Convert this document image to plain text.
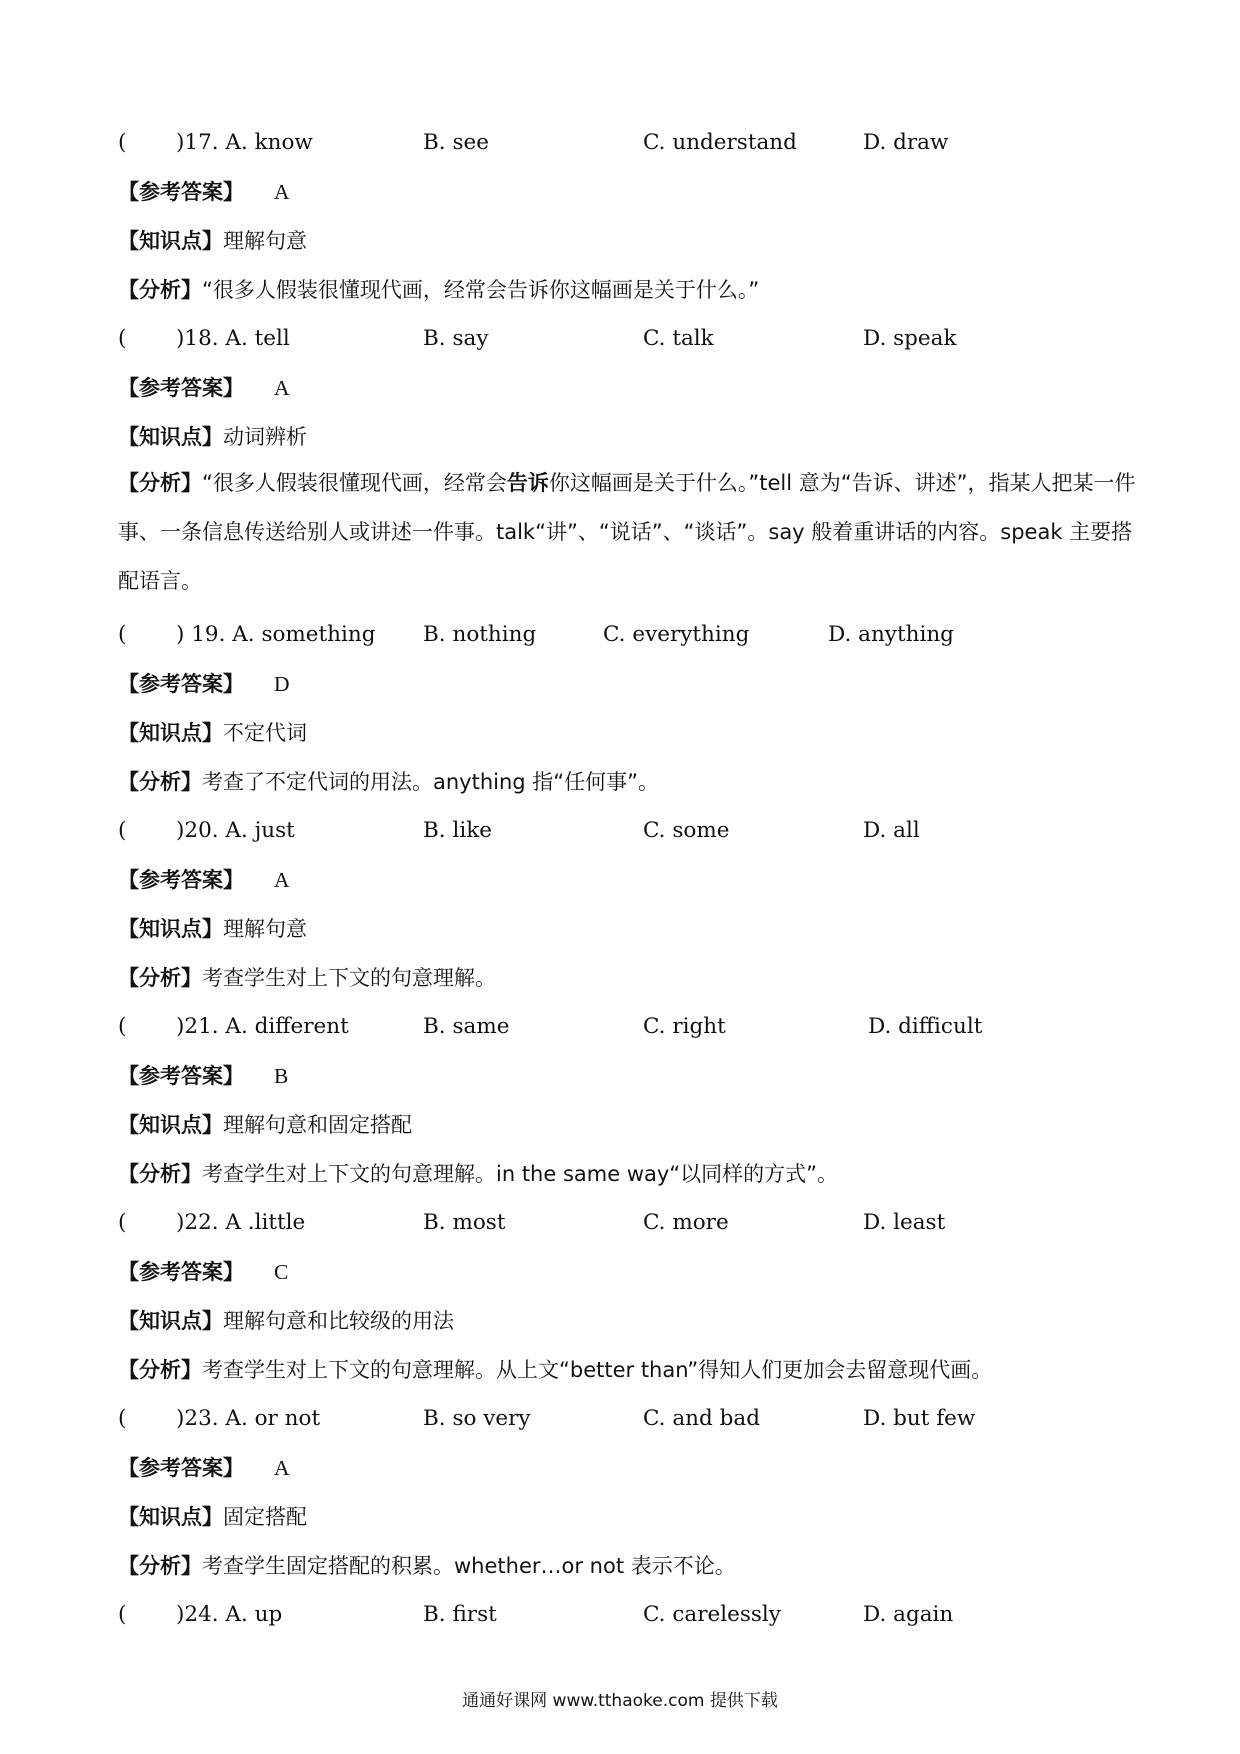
( )17. A. know	B. see	C. understand	D. draw
【参考答案】 A
【知识点】理解句意
【分析】“很多人假装很懂现代画，经常会告诉你这幅画是关于什么。”
( )18. A. tell	B. say	C. talk	D. speak
【参考答案】 A
【知识点】动词辨析
【分析】“很多人假装很懂现代画，经常会告诉你这幅画是关于什么。”tell 意为“告诉、讲述”，指某人把某一件事、一条信息传送给别人或讲述一件事。talk“讲”、“说话”、“谈话”。say 般着重讲话的内容。speak 主要搭配语言。
( ) 19. A. something B. nothing	C. everything	D. anything
【参考答案】 D
【知识点】不定代词
【分析】考查了不定代词的用法。anything 指“任何事”。
( )20. A. just	B. like	C. some	D. all
【参考答案】 A
【知识点】理解句意
【分析】考查学生对上下文的句意理解。
( )21. A. different	B. same	C. right	D. difficult
【参考答案】 B
【知识点】理解句意和固定搭配
【分析】考查学生对上下文的句意理解。in the same way“以同样的方式”。
( )22. A .little	B. most	C. more	D. least
【参考答案】 C
【知识点】理解句意和比较级的用法
【分析】考查学生对上下文的句意理解。从上文“better than”得知人们更加会去留意现代画。
( )23. A. or not	B. so very	C. and bad	D. but few
【参考答案】 A
【知识点】固定搭配
【分析】考查学生固定搭配的积累。whether…or not 表示不论。
( )24. A. up	B. first	C. carelessly	D. again
通通好课网 www.tthaoke.com 提供下载
